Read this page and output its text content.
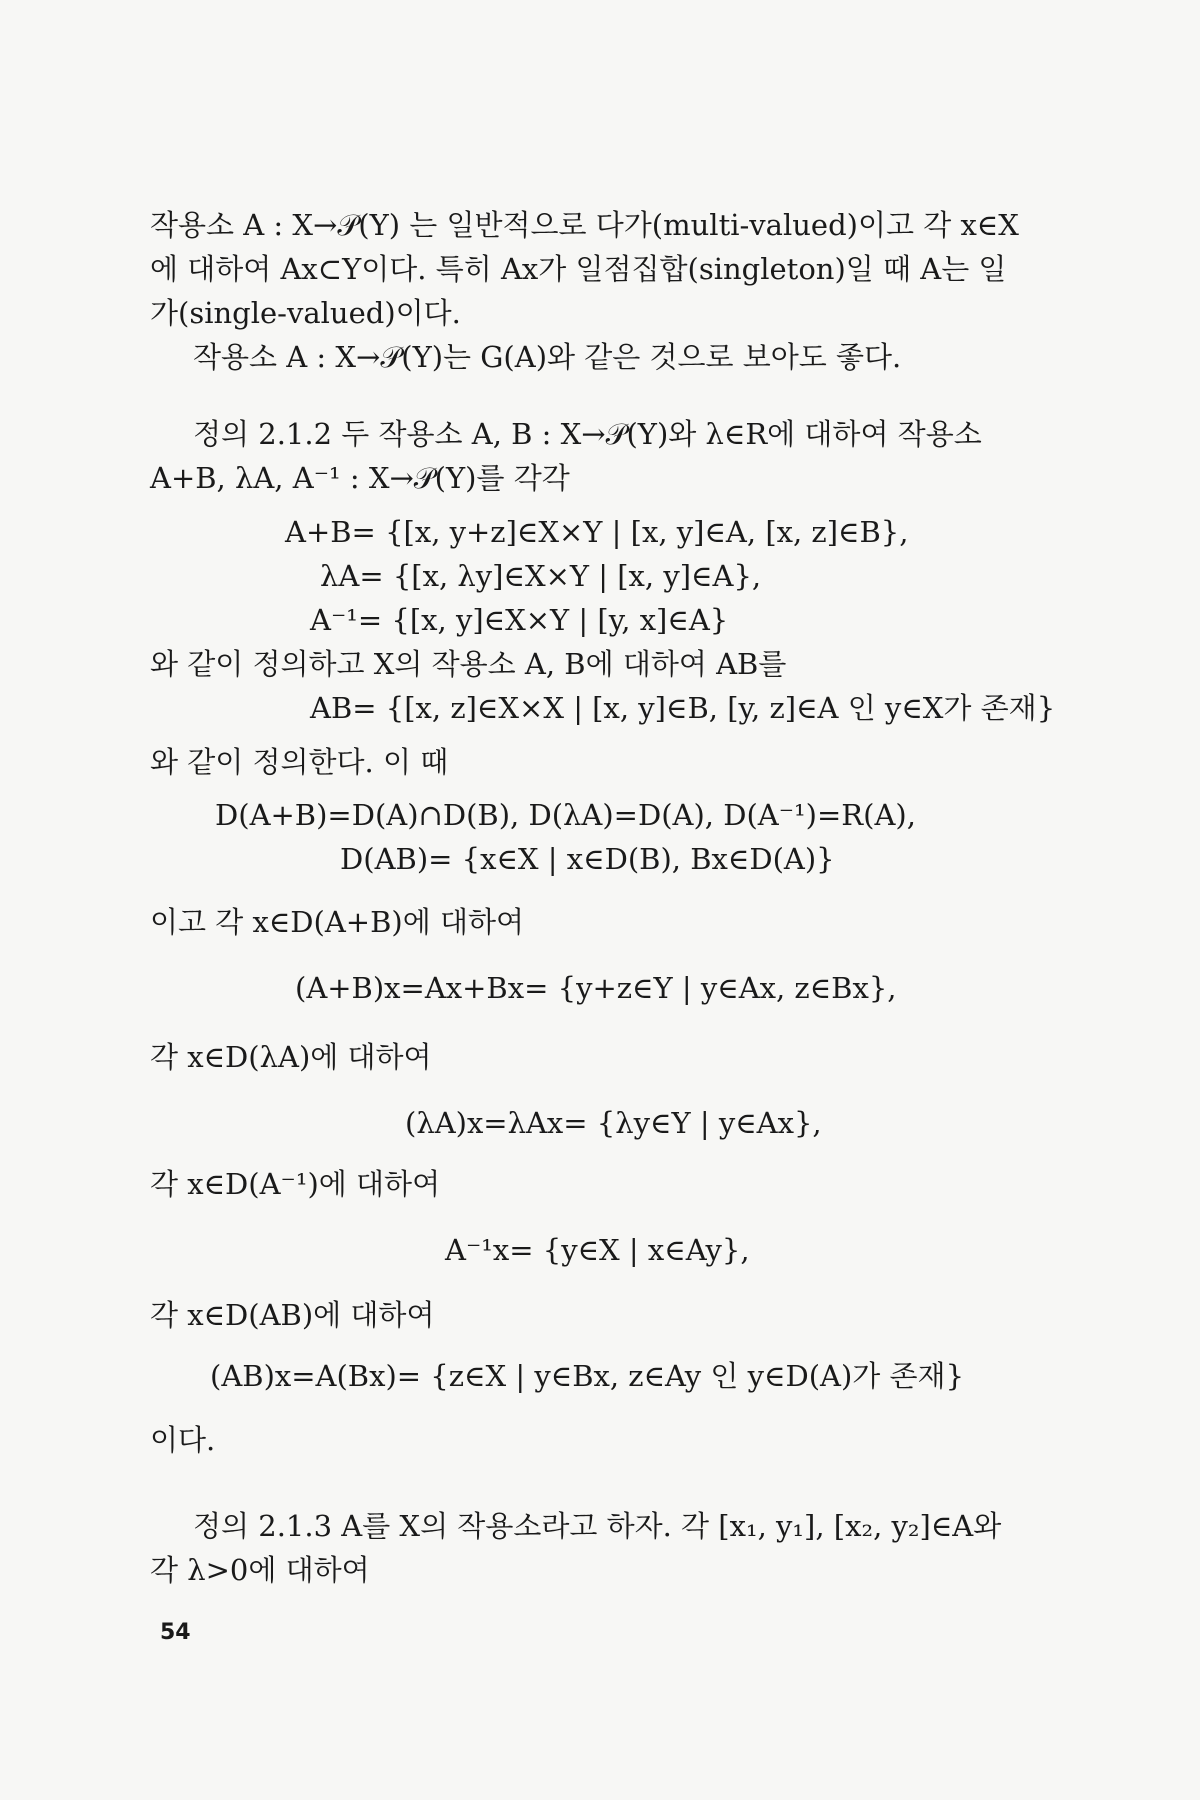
작용소 A : X→𝒫(Y) 는 일반적으로 다가(multi-valued)이고 각 x∈X
에 대하여 Ax⊂Y이다. 특히 Ax가 일점집합(singleton)일 때 A는 일
가(single-valued)이다.
작용소 A : X→𝒫(Y)는 G(A)와 같은 것으로 보아도 좋다.
정의 2.1.2 두 작용소 A, B : X→𝒫(Y)와 λ∈R에 대하여 작용소
A+B, λA, A⁻¹ : X→𝒫(Y)를 각각
A+B= {[x, y+z]∈X×Y | [x, y]∈A, [x, z]∈B},
λA= {[x, λy]∈X×Y | [x, y]∈A},
A⁻¹= {[x, y]∈X×Y | [y, x]∈A}
와 같이 정의하고 X의 작용소 A, B에 대하여 AB를
AB= {[x, z]∈X×X | [x, y]∈B, [y, z]∈A 인 y∈X가 존재}
와 같이 정의한다. 이 때
D(A+B)=D(A)∩D(B), D(λA)=D(A), D(A⁻¹)=R(A),
D(AB)= {x∈X | x∈D(B), Bx∈D(A)}
이고 각 x∈D(A+B)에 대하여
(A+B)x=Ax+Bx= {y+z∈Y | y∈Ax, z∈Bx},
각 x∈D(λA)에 대하여
(λA)x=λAx= {λy∈Y | y∈Ax},
각 x∈D(A⁻¹)에 대하여
A⁻¹x= {y∈X | x∈Ay},
각 x∈D(AB)에 대하여
(AB)x=A(Bx)= {z∈X | y∈Bx, z∈Ay 인 y∈D(A)가 존재}
이다.
정의 2.1.3 A를 X의 작용소라고 하자. 각 [x₁, y₁], [x₂, y₂]∈A와
각 λ>0에 대하여
54
